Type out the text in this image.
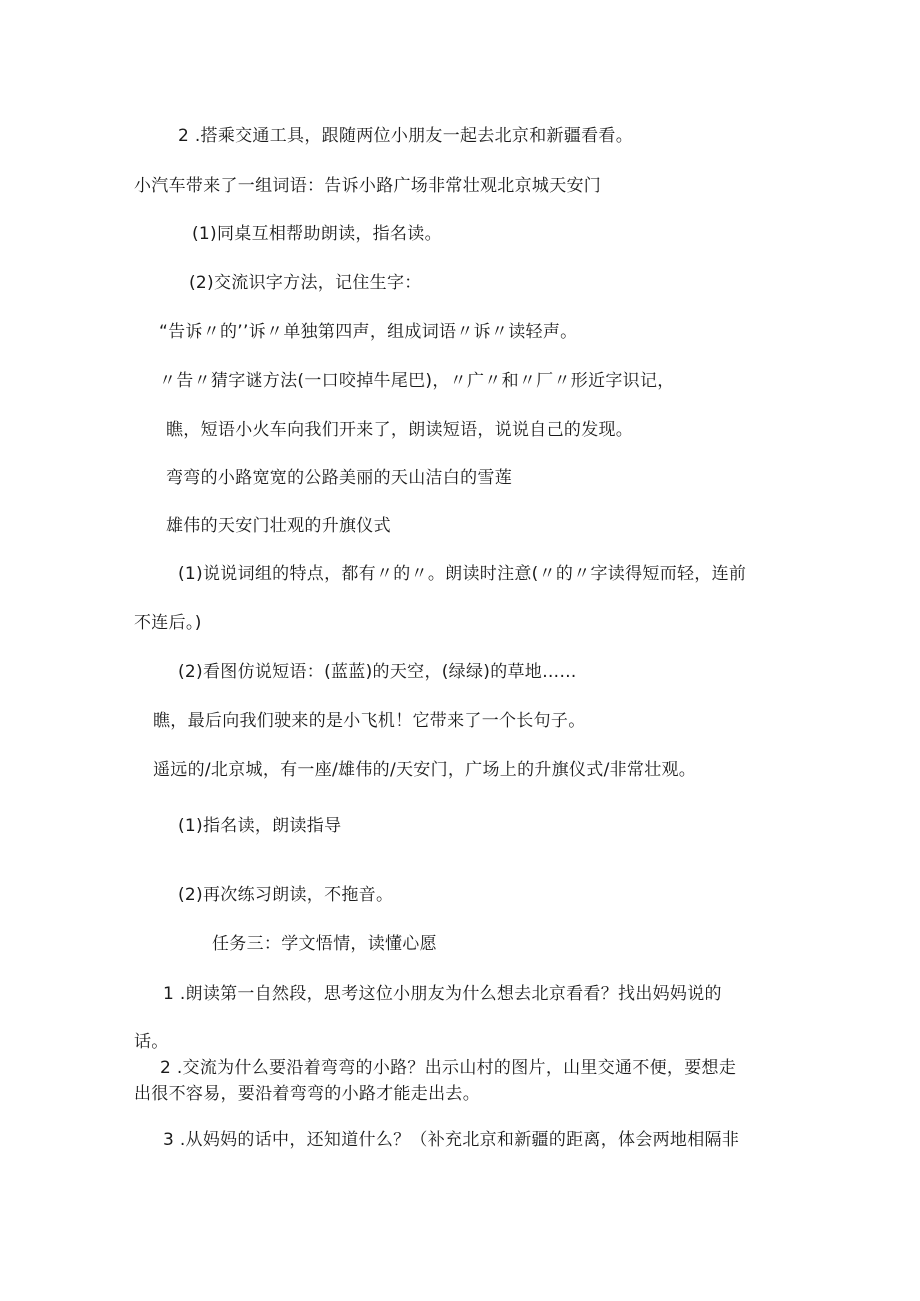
2 .搭乘交通工具，跟随两位小朋友一起去北京和新疆看看。
小汽车带来了一组词语：告诉小路广场非常壮观北京城天安门
(1)同桌互相帮助朗读，指名读。
(2)交流识字方法，记住生字：
“告诉〃的’’诉〃单独第四声，组成词语〃诉〃读轻声。
〃告〃猜字谜方法(一口咬掉牛尾巴)，〃广〃和〃厂〃形近字识记，
瞧，短语小火车向我们开来了，朗读短语，说说自己的发现。
弯弯的小路宽宽的公路美丽的天山洁白的雪莲
雄伟的天安门壮观的升旗仪式
(1)说说词组的特点，都有〃的〃。朗读时注意(〃的〃字读得短而轻，连前
不连后。)
(2)看图仿说短语：(蓝蓝)的天空，(绿绿)的草地……
瞧，最后向我们驶来的是小飞机！它带来了一个长句子。
遥远的/北京城，有一座/雄伟的/天安门，广场上的升旗仪式/非常壮观。
(1)指名读，朗读指导
(2)再次练习朗读，不拖音。
任务三：学文悟情，读懂心愿
1 .朗读第一自然段，思考这位小朋友为什么想去北京看看？找出妈妈说的
话。
2 .交流为什么要沿着弯弯的小路？出示山村的图片，山里交通不便，要想走
出很不容易，要沿着弯弯的小路才能走出去。
3 .从妈妈的话中，还知道什么？（补充北京和新疆的距离，体会两地相隔非
